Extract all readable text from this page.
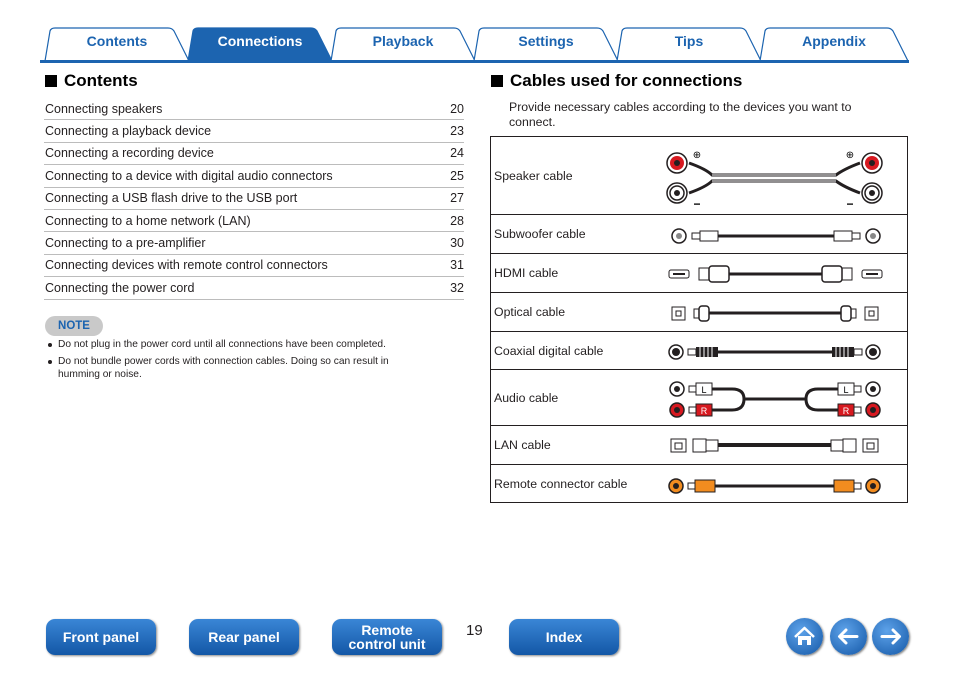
Contents	Connections	Playback	Settings	Tips	Appendix
Contents
Connecting speakers	20
Connecting a playback device	23
Connecting a recording device	24
Connecting to a device with digital audio connectors	25
Connecting a USB flash drive to the USB port	27
Connecting to a home network (LAN)	28
Connecting to a pre-amplifier	30
Connecting devices with remote control connectors	31
Connecting the power cord	32
NOTE
Do not plug in the power cord until all connections have been completed.
Do not bundle power cords with connection cables. Doing so can result in humming or noise.
Cables used for connections
Provide necessary cables according to the devices you want to connect.
Speaker cable
⊕	⊕
−	−
Subwoofer cable
HDMI cable
Optical cable
Coaxial digital cable
Audio cable
L
R
L
R
LAN cable
Remote connector cable
Front panel	Rear panel	Remote control unit
19	Index
